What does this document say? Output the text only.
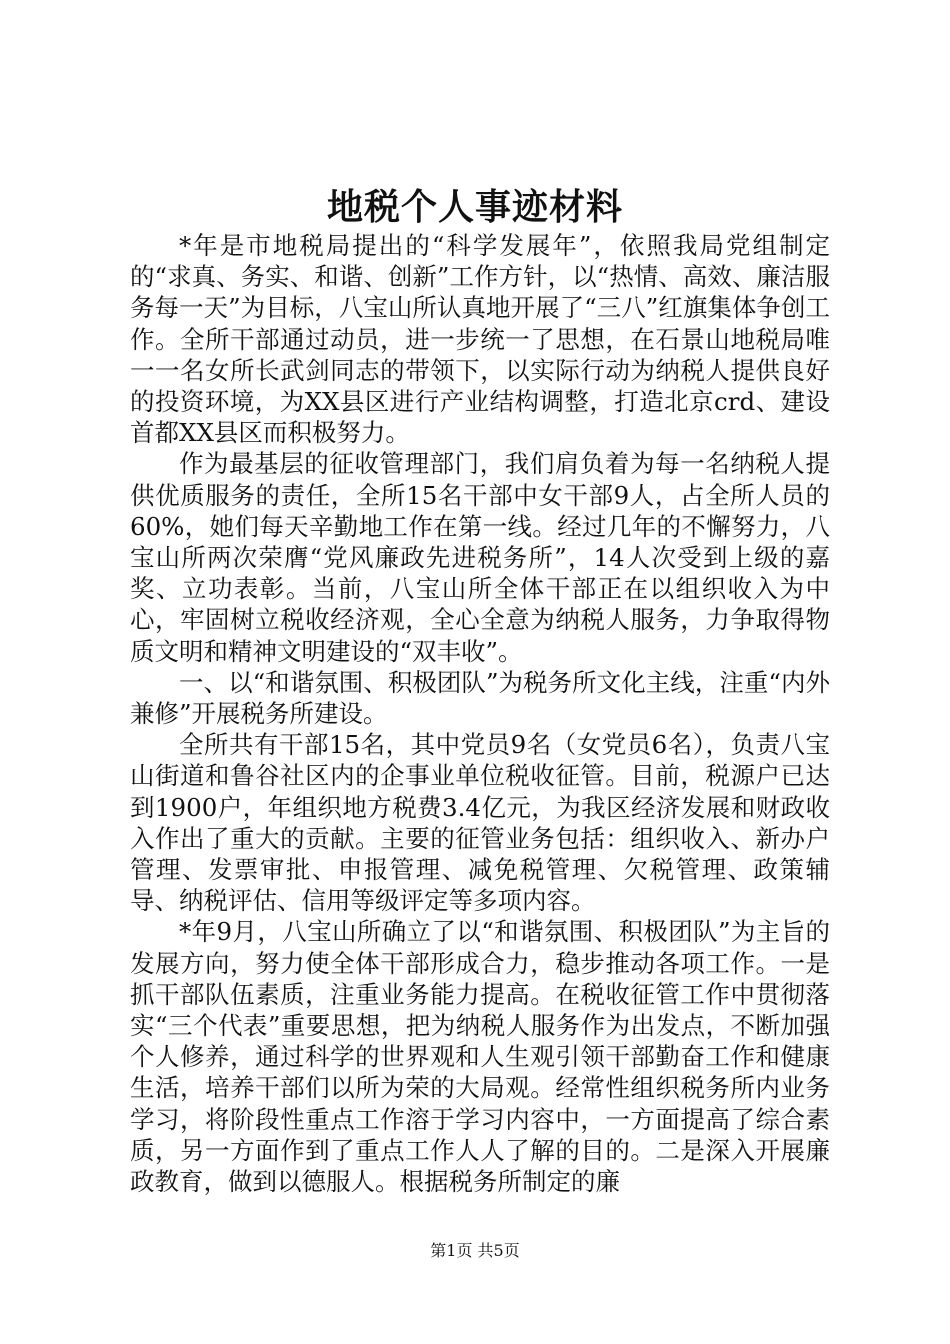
地税个人事迹材料

*年是市地税局提出的“科学发展年”，依照我局党组制定的“求真、务实、和谐、创新”工作方针，以“热情、高效、廉洁服务每一天”为目标，八宝山所认真地开展了“三八”红旗集体争创工作。全所干部通过动员，进一步统一了思想，在石景山地税局唯一一名女所长武剑同志的带领下，以实际行动为纳税人提供良好的投资环境，为XX县区进行产业结构调整，打造北京crd、建设首都XX县区而积极努力。

作为最基层的征收管理部门，我们肩负着为每一名纳税人提供优质服务的责任，全所15名干部中女干部9人，占全所人员的60%，她们每天辛勤地工作在第一线。经过几年的不懈努力，八宝山所两次荣膺“党风廉政先进税务所”，14人次受到上级的嘉奖、立功表彰。当前，八宝山所全体干部正在以组织收入为中心，牢固树立税收经济观，全心全意为纳税人服务，力争取得物质文明和精神文明建设的“双丰收”。

一、以“和谐氛围、积极团队”为税务所文化主线，注重“内外兼修”开展税务所建设。

全所共有干部15名，其中党员9名（女党员6名），负责八宝山街道和鲁谷社区内的企事业单位税收征管。目前，税源户已达到1900户，年组织地方税费3.4亿元，为我区经济发展和财政收入作出了重大的贡献。主要的征管业务包括：组织收入、新办户管理、发票审批、申报管理、减免税管理、欠税管理、政策辅导、纳税评估、信用等级评定等多项内容。

*年9月，八宝山所确立了以“和谐氛围、积极团队”为主旨的发展方向，努力使全体干部形成合力，稳步推动各项工作。一是抓干部队伍素质，注重业务能力提高。在税收征管工作中贯彻落实“三个代表”重要思想，把为纳税人服务作为出发点，不断加强个人修养，通过科学的世界观和人生观引领干部勤奋工作和健康生活，培养干部们以所为荣的大局观。经常性组织税务所内业务学习，将阶段性重点工作溶于学习内容中，一方面提高了综合素质，另一方面作到了重点工作人人了解的目的。二是深入开展廉政教育，做到以德服人。根据税务所制定的廉

第1页 共5页
